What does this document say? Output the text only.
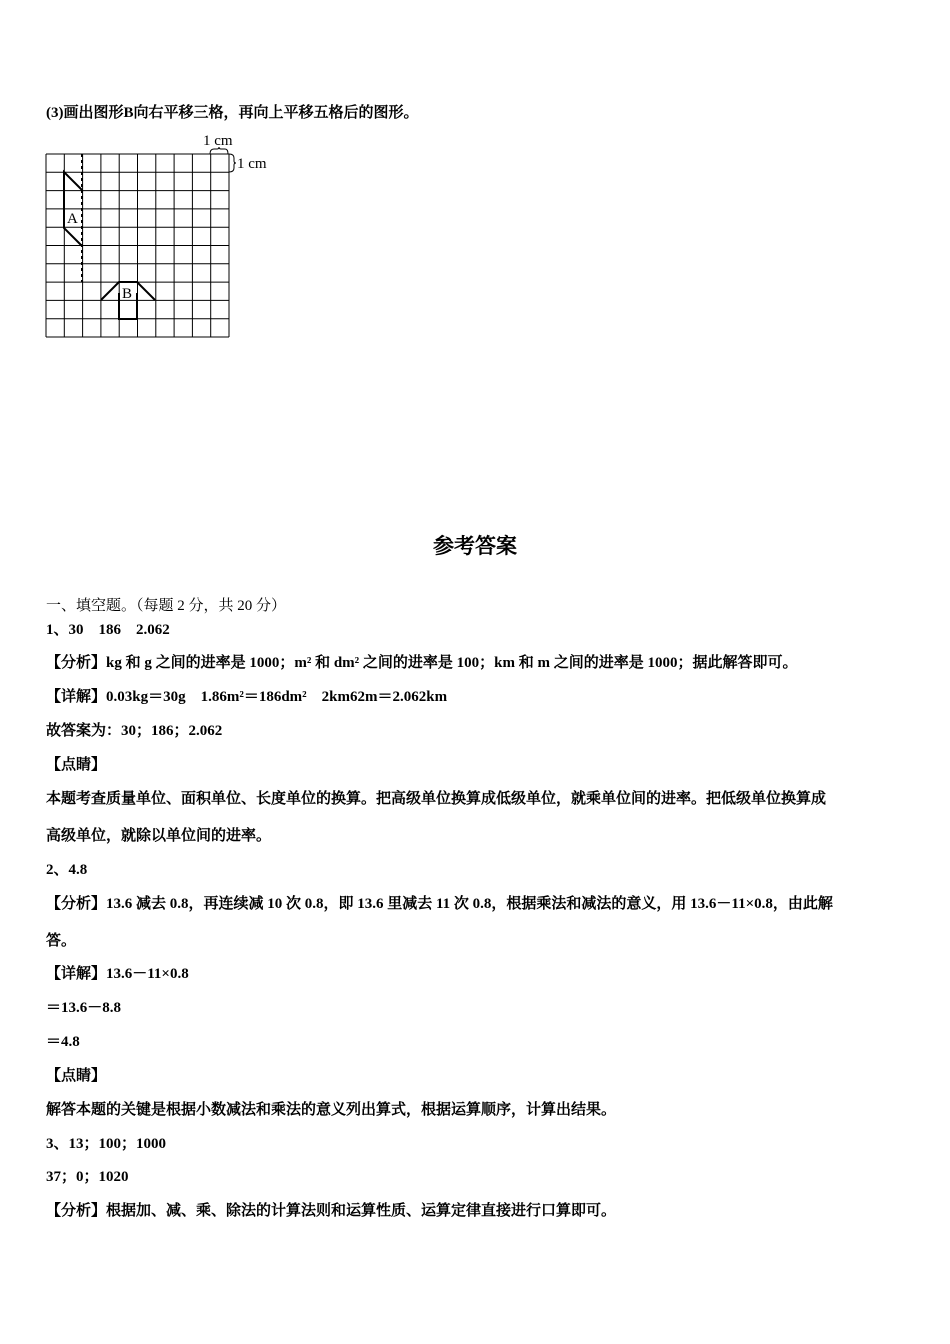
(3)画出图形B向右平移三格，再向上平移五格后的图形。
A
B
1 cm
1 cm
参考答案
一、填空题。（每题 2 分，共 20 分）
1、30　186　2.062
【分析】kg 和 g 之间的进率是 1000；m² 和 dm² 之间的进率是 100；km 和 m 之间的进率是 1000；据此解答即可。
【详解】0.03kg＝30g　1.86m²＝186dm²　2km62m＝2.062km
故答案为：30；186；2.062
【点睛】
本题考查质量单位、面积单位、长度单位的换算。把高级单位换算成低级单位，就乘单位间的进率。把低级单位换算成
高级单位，就除以单位间的进率。
2、4.8
【分析】13.6 减去 0.8，再连续减 10 次 0.8，即 13.6 里减去 11 次 0.8，根据乘法和减法的意义，用 13.6－11×0.8，由此解
答。
【详解】13.6－11×0.8
＝13.6－8.8
＝4.8
【点睛】
解答本题的关键是根据小数减法和乘法的意义列出算式，根据运算顺序，计算出结果。
3、13；100；1000
37；0；1020
【分析】根据加、减、乘、除法的计算法则和运算性质、运算定律直接进行口算即可。
